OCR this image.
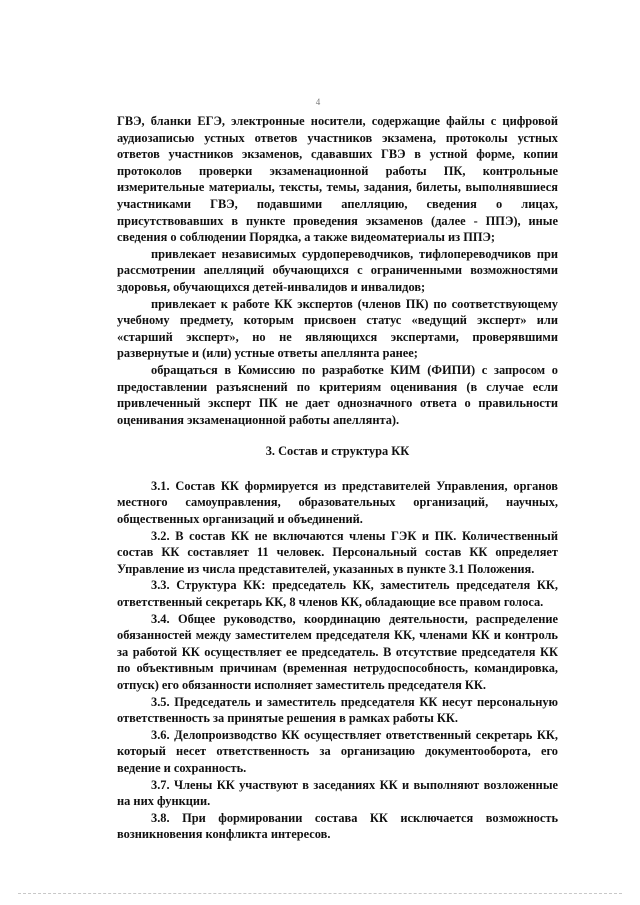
4

ГВЭ, бланки ЕГЭ, электронные носители, содержащие файлы с цифровой аудиозаписью устных ответов участников экзамена, протоколы устных ответов участников экзаменов, сдававших ГВЭ в устной форме, копии протоколов проверки экзаменационной работы ПК, контрольные измерительные материалы, тексты, темы, задания, билеты, выполнявшиеся участниками ГВЭ, подавшими апелляцию, сведения о лицах, присутствовавших в пункте проведения экзаменов (далее - ППЭ), иные сведения о соблюдении Порядка, а также видеоматериалы из ППЭ;

привлекает независимых сурдопереводчиков, тифлопереводчиков при рассмотрении апелляций обучающихся с ограниченными возможностями здоровья, обучающихся детей-инвалидов и инвалидов;

привлекает к работе КК экспертов (членов ПК) по соответствующему учебному предмету, которым присвоен статус «ведущий эксперт» или «старший эксперт», но не являющихся экспертами, проверявшими развернутые и (или) устные ответы апеллянта ранее;

обращаться в Комиссию по разработке КИМ (ФИПИ) с запросом о предоставлении разъяснений по критериям оценивания (в случае если привлеченный эксперт ПК не дает однозначного ответа о правильности оценивания экзаменационной работы апеллянта).

3. Состав и структура КК

3.1. Состав КК формируется из представителей Управления, органов местного самоуправления, образовательных организаций, научных, общественных организаций и объединений.

3.2. В состав КК не включаются члены ГЭК и ПК. Количественный состав КК составляет 11 человек. Персональный состав КК определяет Управление из числа представителей, указанных в пункте 3.1 Положения.

3.3. Структура КК: председатель КК, заместитель председателя КК, ответственный секретарь КК, 8 членов КК, обладающие все правом голоса.

3.4. Общее руководство, координацию деятельности, распределение обязанностей между заместителем председателя КК, членами КК и контроль за работой КК осуществляет ее председатель. В отсутствие председателя КК по объективным причинам (временная нетрудоспособность, командировка, отпуск) его обязанности исполняет заместитель председателя КК.

3.5. Председатель и заместитель председателя КК несут персональную ответственность за принятые решения в рамках работы КК.

3.6. Делопроизводство КК осуществляет ответственный секретарь КК, который несет ответственность за организацию документооборота, его ведение и сохранность.

3.7. Члены КК участвуют в заседаниях КК и выполняют возложенные на них функции.

3.8. При формировании состава КК исключается возможность возникновения конфликта интересов.
